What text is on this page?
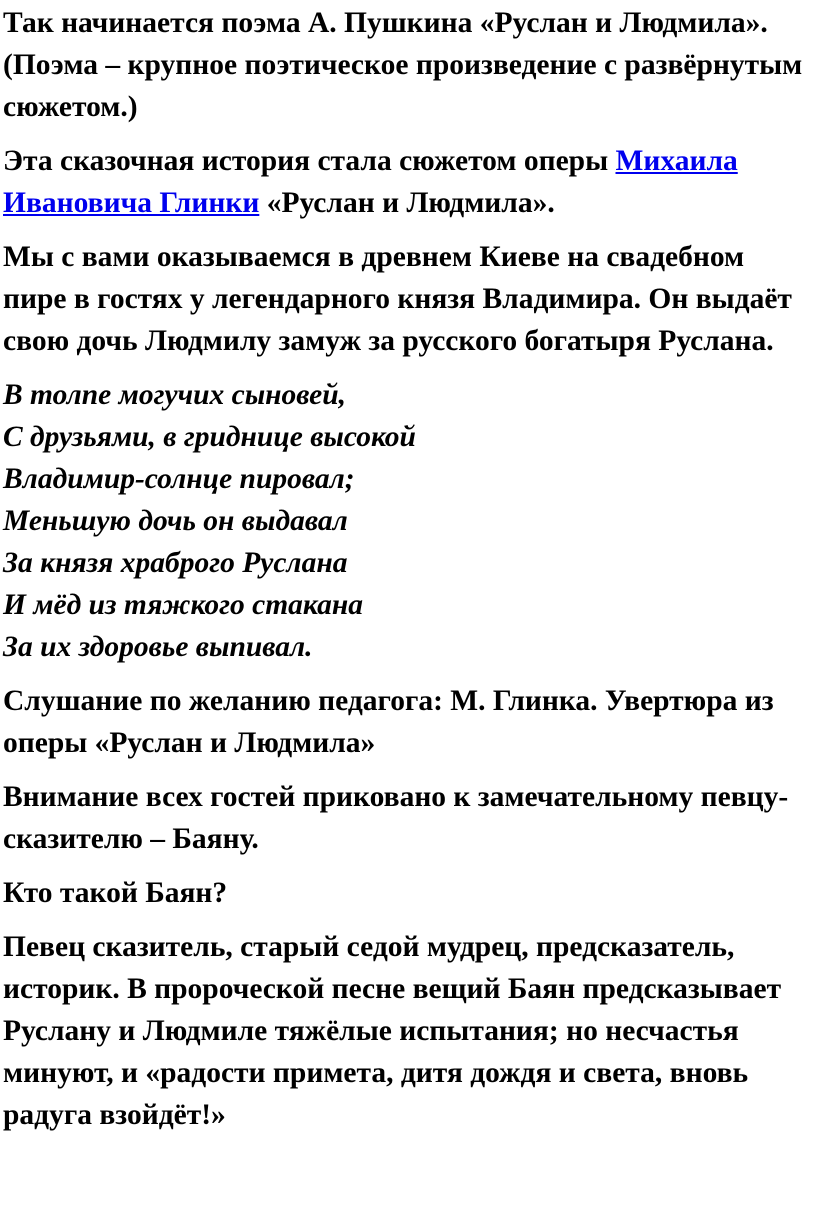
Так начинается поэма А. Пушкина «Руслан и Людмила». (Поэма – крупное поэтическое произведение с развёрнутым сюжетом.)

Эта сказочная история стала сюжетом оперы Михаила Ивановича Глинки «Руслан и Людмила».

Мы с вами оказываемся в древнем Киеве на свадебном пире в гостях у легендарного князя Владимира. Он выдаёт свою дочь Людмилу замуж за русского богатыря Руслана.

В толпе могучих сыновей,
С друзьями, в гриднице высокой
Владимир-солнце пировал;
Меньшую дочь он выдавал
За князя храброго Руслана
И мёд из тяжкого стакана
За их здоровье выпивал.

Слушание по желанию педагога: М. Глинка. Увертюра из оперы «Руслан и Людмила»

Внимание всех гостей приковано к замечательному певцу-сказителю – Баяну.

Кто такой Баян?

Певец сказитель, старый седой мудрец, предсказатель, историк. В пророческой песне вещий Баян предсказывает Руслану и Людмиле тяжёлые испытания; но несчастья минуют, и «радости примета, дитя дождя и света, вновь радуга взойдёт!»
